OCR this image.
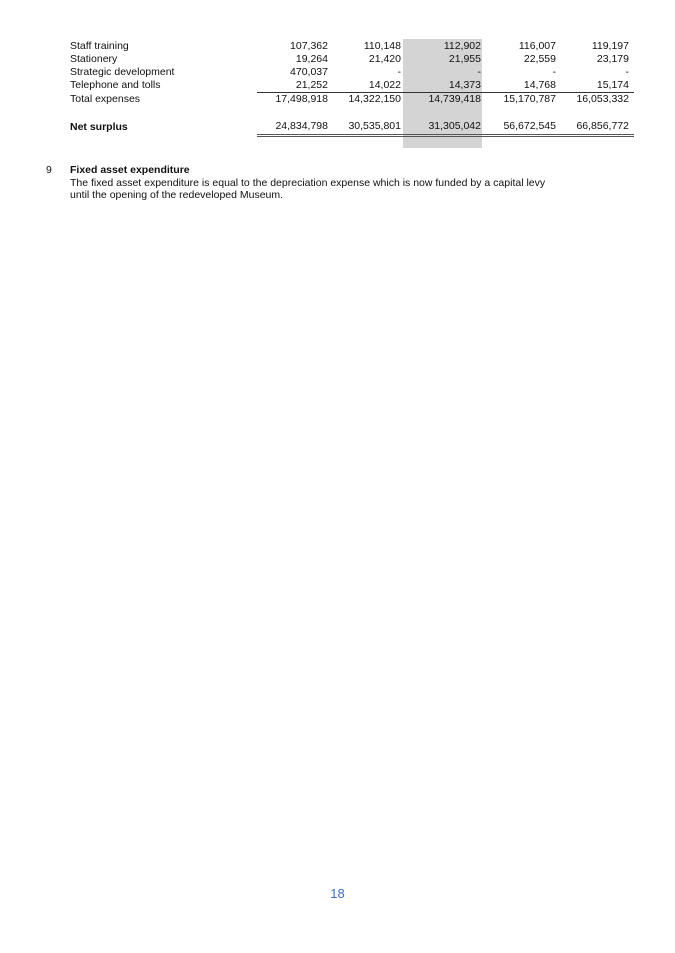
Staff training	107,362	110,148	112,902	116,007	119,197
Stationery	19,264	21,420	21,955	22,559	23,179
Strategic development	470,037	-	-	-	-
Telephone and tolls	21,252	14,022	14,373	14,768	15,174
Total expenses	17,498,918	14,322,150	14,739,418	15,170,787	16,053,332

Net surplus	24,834,798	30,535,801	31,305,042	56,672,545	66,856,772
9	Fixed asset expenditure

The fixed asset expenditure is equal to the depreciation expense which is now funded by a capital levy

until the opening of the redeveloped Museum.

18
